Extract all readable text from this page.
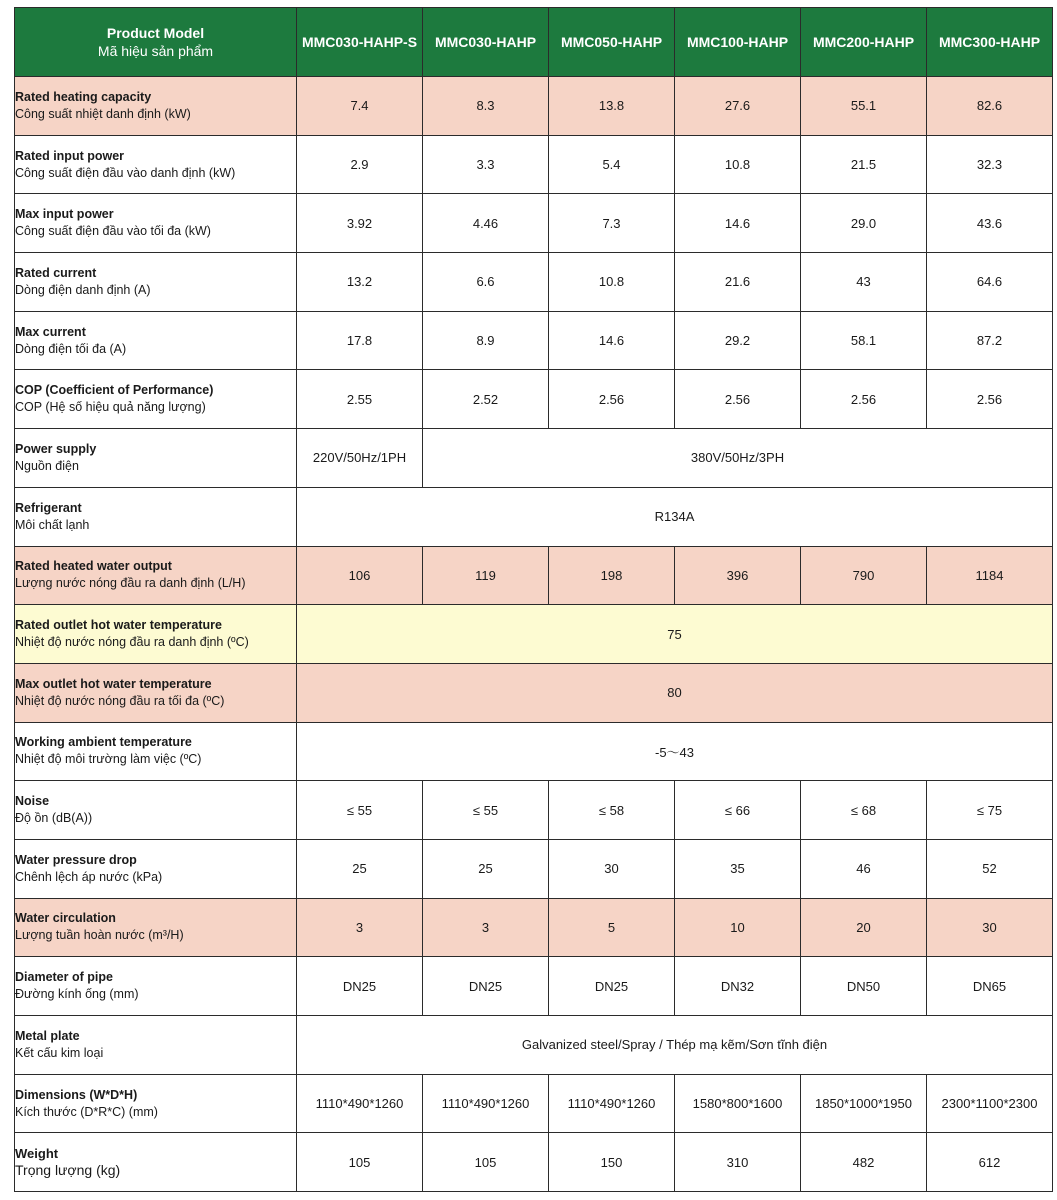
Product Model
Mã hiệu sản phẩm	MMC030-HAHP-S	MMC030-HAHP	MMC050-HAHP	MMC100-HAHP	MMC200-HAHP	MMC300-HAHP

Rated heating capacity
Công suất nhiệt danh định (kW)	7.4	8.3	13.8	27.6	55.1	82.6

Rated input power
Công suất điện đầu vào danh định (kW)	2.9	3.3	5.4	10.8	21.5	32.3

Max input power
Công suất điện đầu vào tối đa (kW)	3.92	4.46	7.3	14.6	29.0	43.6

Rated current
Dòng điện danh định (A)	13.2	6.6	10.8	21.6	43	64.6

Max current
Dòng điện tối đa (A)	17.8	8.9	14.6	29.2	58.1	87.2

COP (Coefficient of Performance)
COP (Hệ số hiệu quả năng lượng)	2.55	2.52	2.56	2.56	2.56	2.56

Power supply
Nguồn điện	220V/50Hz/1PH	380V/50Hz/3PH				

Refrigerant
Môi chất lạnh	R134A					

Rated heated water output
Lượng nước nóng đầu ra danh định (L/H)	106	119	198	396	790	1184

Rated outlet hot water temperature
Nhiệt độ nước nóng đầu ra danh định (ºC)	75					

Max outlet hot water temperature
Nhiệt độ nước nóng đầu ra tối đa (ºC)	80					

Working ambient temperature
Nhiệt độ môi trường làm việc (ºC)	-5～43					

Noise
Độ ồn (dB(A))	≤ 55	≤ 55	≤ 58	≤ 66	≤ 68	≤ 75

Water pressure drop
Chênh lệch áp nước (kPa)	25	25	30	35	46	52

Water circulation
Lượng tuần hoàn nước (m³/H)	3	3	5	10	20	30

Diameter of pipe
Đường kính ống (mm)	DN25	DN25	DN25	DN32	DN50	DN65

Metal plate
Kết cấu kim loại	Galvanized steel/Spray / Thép mạ kẽm/Sơn tĩnh điện					

Dimensions (W*D*H)
Kích thước (D*R*C) (mm)	1110*490*1260	1110*490*1260	1110*490*1260	1580*800*1600	1850*1000*1950	2300*1100*2300

Weight
Trọng lượng (kg)	105	105	150	310	482	612
